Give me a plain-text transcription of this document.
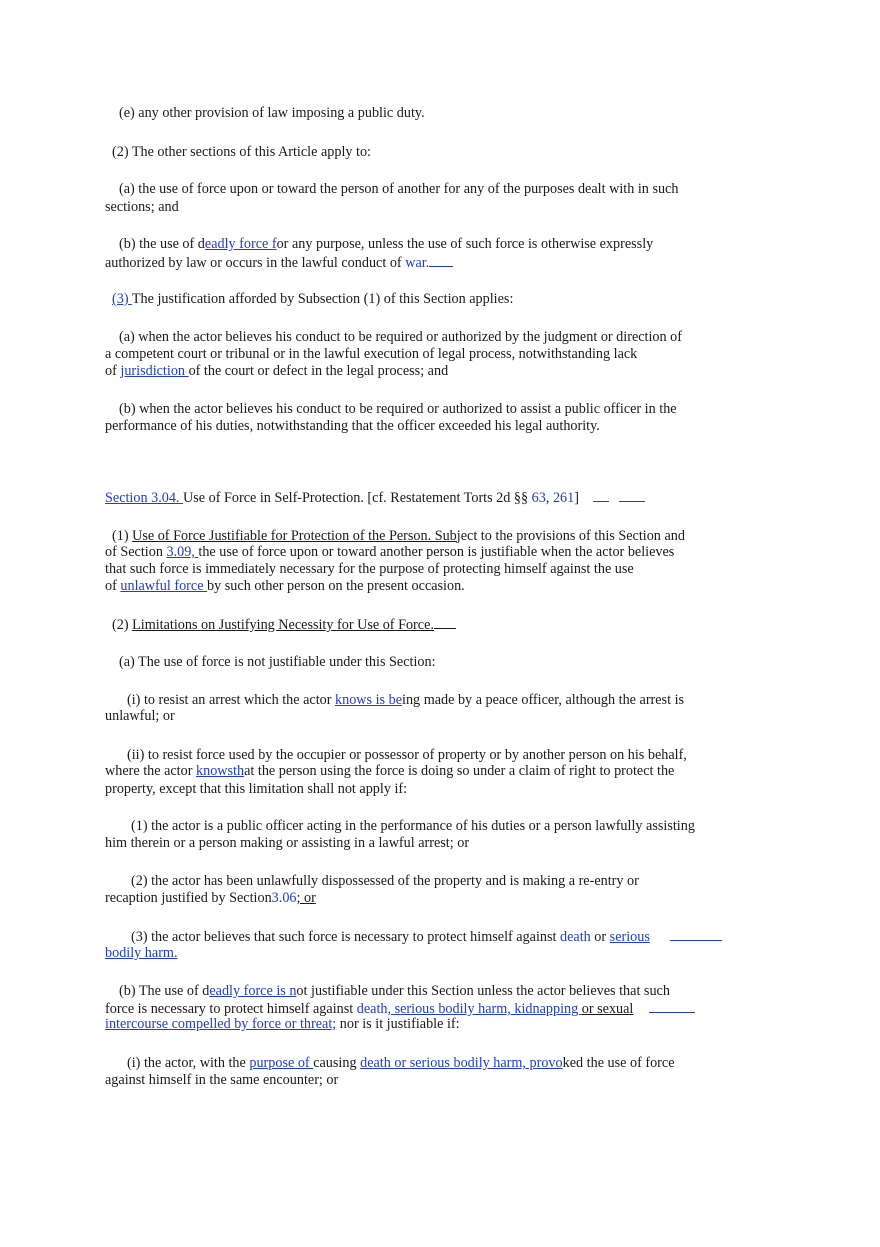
(e) any other provision of law imposing a public duty.
(2) The other sections of this Article apply to:
(a) the use of force upon or toward the person of another for any of the purposes dealt with in such
sections; and
(b) the use of deadly force for any purpose, unless the use of such force is otherwise expressly
authorized by law or occurs in the lawful conduct of war.
(3) The justification afforded by Subsection (1) of this Section applies:
(a) when the actor believes his conduct to be required or authorized by the judgment or direction of
a competent court or tribunal or in the lawful execution of legal process, notwithstanding lack
of jurisdiction of the court or defect in the legal process; and
(b) when the actor believes his conduct to be required or authorized to assist a public officer in the
performance of his duties, notwithstanding that the officer exceeded his legal authority.
Section 3.04. Use of Force in Self-Protection. [cf. Restatement Torts 2d §§ 63, 261]
(1) Use of Force Justifiable for Protection of the Person. Subject to the provisions of this Section and
of Section 3.09, the use of force upon or toward another person is justifiable when the actor believes
that such force is immediately necessary for the purpose of protecting himself against the use
of unlawful force by such other person on the present occasion.
(2) Limitations on Justifying Necessity for Use of Force.
(a) The use of force is not justifiable under this Section:
(i) to resist an arrest which the actor knows is being made by a peace officer, although the arrest is
unlawful; or
(ii) to resist force used by the occupier or possessor of property or by another person on his behalf,
where the actor knowsthat the person using the force is doing so under a claim of right to protect the
property, except that this limitation shall not apply if:
(1) the actor is a public officer acting in the performance of his duties or a person lawfully assisting
him therein or a person making or assisting in a lawful arrest; or
(2) the actor has been unlawfully dispossessed of the property and is making a re-entry or
recaption justified by Section3.06; or
(3) the actor believes that such force is necessary to protect himself against death or serious
bodily harm.
(b) The use of deadly force is not justifiable under this Section unless the actor believes that such
force is necessary to protect himself against death, serious bodily harm, kidnapping or sexual
intercourse compelled by force or threat; nor is it justifiable if:
(i) the actor, with the purpose of causing death or serious bodily harm, provoked the use of force
against himself in the same encounter; or
